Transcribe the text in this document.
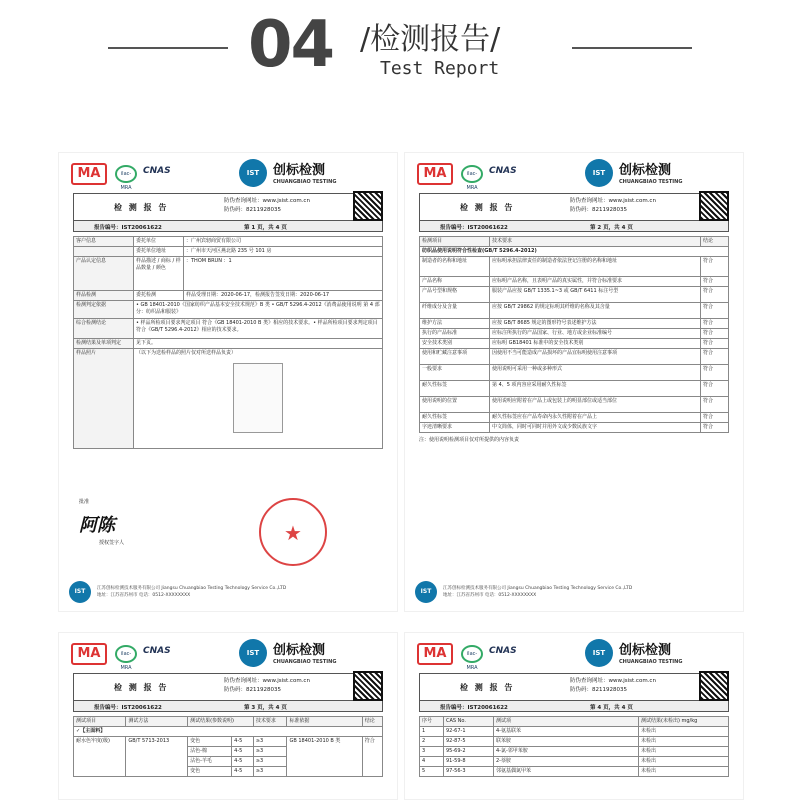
04 /检测报告/
Test Report
MA	ilac-MRA
CNAS	IST	创标检测
CHUANGBIAO TESTING
检 测 报 告
防伪查询网址：www.jsist.com.cn
防伪码：8211928035
报告编号：IST20061622	第 1 页，共 4 页
客户信息	委托单位	：广州宾轫商贸有限公司
	委托单位地址	：广州市天河区燕北路 235 号 101 房
产品认定信息	样品描述 / 商标 / 样品数量 / 颜色	：THOM BRUN ：1
样品检测	委托检测	样品受理日期：2020-06-17，检测报告签发日期：2020-06-17
检测判定依据	• GB 18401-2010《国家纺织产品基本安全技术规范》B 类 • GB/T 5296.4-2012《消费品使用说明 第 4 部分：纺织品和服装》	
综合检测结论	• 样品所检项目要求判定项目 符合《GB 18401-2010 B 类》相应的技术要求。• 样品所检项目要求判定项目 符合《GB/T 5296.4-2012》相应的技术要求。	
检测结果及单项判定	见下页。	
样品照片	（以下为送检样品的照片仅对所送样品负责）	
批准
阿陈
授权签字人	★
IST	江苏创标检测技术服务有限公司 Jiangsu Chuangbiao Testing Technology Service Co.,LTD
地址：江苏省苏州市 电话：0512-XXXXXXXX
MA	ilac-MRA
CNAS	IST	创标检测
CHUANGBIAO TESTING
检 测 报 告
防伪查询网址：www.jsist.com.cn
防伪码：8211928035
报告编号：IST20061622	第 2 页，共 4 页
检测项目	技术要求	结论
纺织品使用说明符合性检查(GB/T 5296.4-2012)		
制造者的名称和地址	应标明承担法律责任的制造者依法登记注册的名称和地址	符合
产品名称	应标明产品名称，且表明产品的真实属性，并符合标准要求	符合
产品号型和规格	服装产品应按 GB/T 1335.1~3 或 GB/T 6411 标注号型	符合
纤维成分及含量	应按 GB/T 29862 的规定标明其纤维的名称及其含量	符合
维护方法	应按 GB/T 8685 规定的图形符号表述维护方法	符合
执行的产品标准	应标注所执行的产品国家、行业、地方或企业标准编号	符合
安全技术类别	应标明 GB18401 标准中的安全技术类别	符合
使用和贮藏注意事项	因使用不当可能造成产品损坏的产品宜标明使用注意事项	符合
一般要求	使用说明可采用一种或多种形式	符合
耐久性标签	第 4、5 项内容应采用耐久性标签	符合
使用说明的位置	使用说明应附着在产品上或包装上的明显部位或适当部位	符合
耐久性标签	耐久性标签应在产品寿命内永久性附着在产品上	符合
字迹清晰要求	中文简体，同时可同时并用外文或少数民族文字	符合
注：使用说明检测项目仅对所提供的内容负责
IST	江苏创标检测技术服务有限公司 Jiangsu Chuangbiao Testing Technology Service Co.,LTD
地址：江苏省苏州市 电话：0512-XXXXXXXX
MA	ilac-MRA
CNAS	IST	创标检测
CHUANGBIAO TESTING
检 测 报 告
防伪查询网址：www.jsist.com.cn
防伪码：8211928035
报告编号：IST20061622	第 3 页，共 4 页
测试项目	测试方法	测试结果(参数说明)		技术要求	标准依据	结论
✓【主面料】						
耐水色牢度(级)	GB/T 5713-2013	变色	4-5	≥3	GB 18401-2010 B 类	符合
		沾色-棉	4-5	≥3		
		沾色-羊毛	4-5	≥3		
		变色	4-5	≥3		
MA	ilac-MRA
CNAS	IST	创标检测
CHUANGBIAO TESTING
检 测 报 告
防伪查询网址：www.jsist.com.cn
防伪码：8211928035
报告编号：IST20061622	第 4 页，共 4 页
序号	CAS No.	测试项	测试结果(未检出) mg/kg
1	92-67-1	4-氨基联苯	未检出
2	92-87-5	联苯胺	未检出
3	95-69-2	4-氯-邻甲苯胺	未检出
4	91-59-8	2-萘胺	未检出
5	97-56-3	邻氨基偶氮甲苯	未检出
